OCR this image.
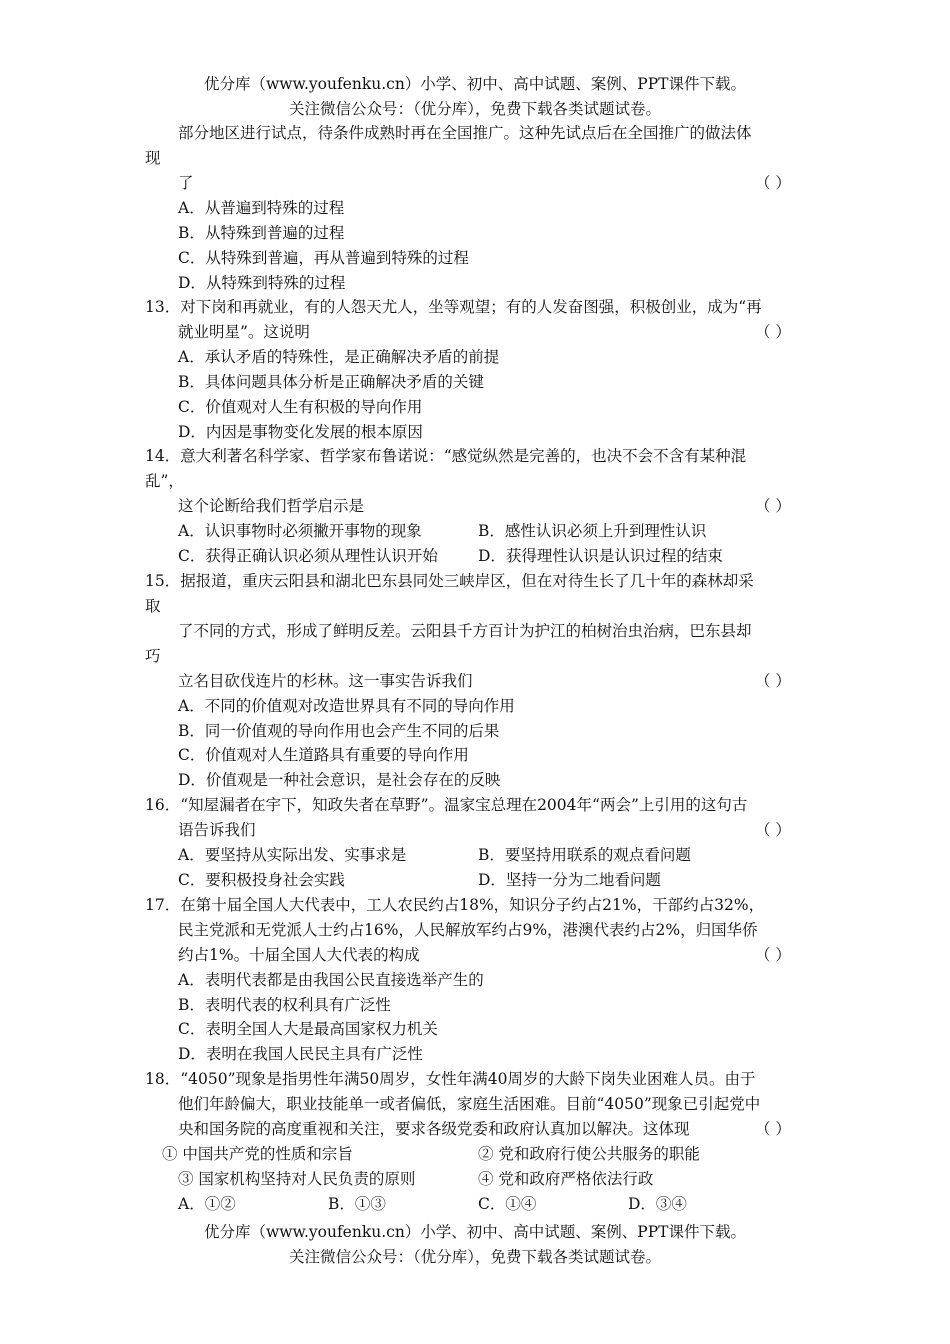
优分库（www.youfenku.cn）小学、初中、高中试题、案例、PPT课件下载。
关注微信公众号：（优分库），免费下载各类试题试卷。
部分地区进行试点，待条件成熟时再在全国推广。这种先试点后在全国推广的做法体
现
了	（ ）
A．从普遍到特殊的过程
B．从特殊到普遍的过程
C．从特殊到普遍，再从普遍到特殊的过程
D．从特殊到特殊的过程
13．对下岗和再就业，有的人怨天尤人，坐等观望；有的人发奋图强，积极创业，成为“再
就业明星”。这说明	（ ）
A．承认矛盾的特殊性，是正确解决矛盾的前提
B．具体问题具体分析是正确解决矛盾的关键
C．价值观对人生有积极的导向作用
D．内因是事物变化发展的根本原因
14．意大利著名科学家、哲学家布鲁诺说：“感觉纵然是完善的，也决不会不含有某种混
乱”，
这个论断给我们哲学启示是	（ ）
A．认识事物时必须撇开事物的现象	B．感性认识必须上升到理性认识
C．获得正确认识必须从理性认识开始	D．获得理性认识是认识过程的结束
15．据报道，重庆云阳县和湖北巴东县同处三峡岸区，但在对待生长了几十年的森林却采
取
了不同的方式，形成了鲜明反差。云阳县千方百计为护江的柏树治虫治病，巴东县却
巧
立名目砍伐连片的杉林。这一事实告诉我们	（ ）
A．不同的价值观对改造世界具有不同的导向作用
B．同一价值观的导向作用也会产生不同的后果
C．价值观对人生道路具有重要的导向作用
D．价值观是一种社会意识，是社会存在的反映
16．“知屋漏者在宇下，知政失者在草野”。温家宝总理在2004年“两会”上引用的这句古
语告诉我们	（ ）
A．要坚持从实际出发、实事求是	B．要坚持用联系的观点看问题
C．要积极投身社会实践	D．坚持一分为二地看问题
17．在第十届全国人大代表中，工人农民约占18%，知识分子约占21%，干部约占32%，
民主党派和无党派人士约占16%，人民解放军约占9%，港澳代表约占2%，归国华侨
约占1%。十届全国人大代表的构成	（ ）
A．表明代表都是由我国公民直接选举产生的
B．表明代表的权利具有广泛性
C．表明全国人大是最高国家权力机关
D．表明在我国人民民主具有广泛性
18．“4050”现象是指男性年满50周岁，女性年满40周岁的大龄下岗失业困难人员。由于
他们年龄偏大，职业技能单一或者偏低，家庭生活困难。目前“4050”现象已引起党中
央和国务院的高度重视和关注，要求各级党委和政府认真加以解决。这体现	（ ）
① 中国共产党的性质和宗旨	② 党和政府行使公共服务的职能
③ 国家机构坚持对人民负责的原则	④ 党和政府严格依法行政
A．①②	B．①③	C．①④	D．③④
优分库（www.youfenku.cn）小学、初中、高中试题、案例、PPT课件下载。
关注微信公众号：（优分库），免费下载各类试题试卷。
